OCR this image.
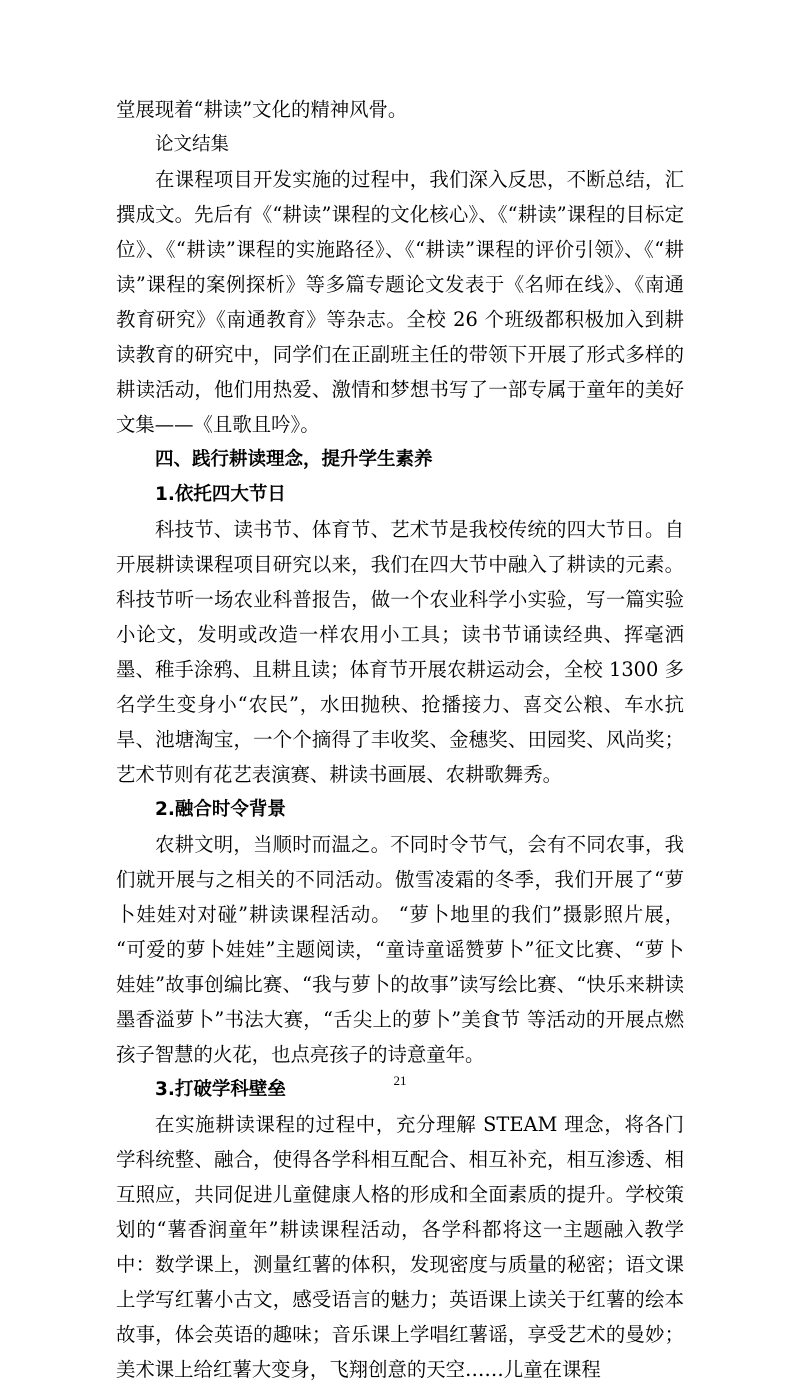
堂展现着“耕读”文化的精神风骨。

论文结集

在课程项目开发实施的过程中，我们深入反思，不断总结，汇撰成文。先后有《“耕读”课程的文化核心》、《“耕读”课程的目标定位》、《“耕读”课程的实施路径》、《“耕读”课程的评价引领》、《“耕读”课程的案例探析》等多篇专题论文发表于《名师在线》、《南通教育研究》《南通教育》等杂志。全校 26 个班级都积极加入到耕读教育的研究中，同学们在正副班主任的带领下开展了形式多样的耕读活动，他们用热爱、激情和梦想书写了一部专属于童年的美好文集——《且歌且吟》。

四、践行耕读理念，提升学生素养

1.依托四大节日

科技节、读书节、体育节、艺术节是我校传统的四大节日。自开展耕读课程项目研究以来，我们在四大节中融入了耕读的元素。科技节听一场农业科普报告，做一个农业科学小实验，写一篇实验小论文，发明或改造一样农用小工具；读书节诵读经典、挥毫洒墨、稚手涂鸦、且耕且读；体育节开展农耕运动会，全校 1300 多名学生变身小“农民”，水田抛秧、抢播接力、喜交公粮、车水抗旱、池塘淘宝，一个个摘得了丰收奖、金穗奖、田园奖、风尚奖；艺术节则有花艺表演赛、耕读书画展、农耕歌舞秀。

2.融合时令背景

农耕文明，当顺时而温之。不同时令节气，会有不同农事，我们就开展与之相关的不同活动。傲雪凌霜的冬季，我们开展了“萝卜娃娃对对碰”耕读课程活动。 “萝卜地里的我们”摄影照片展， “可爱的萝卜娃娃”主题阅读，“童诗童谣赞萝卜”征文比赛、“萝卜娃娃”故事创编比赛、“我与萝卜的故事”读写绘比赛、“快乐来耕读 墨香溢萝卜”书法大赛，“舌尖上的萝卜”美食节 等活动的开展点燃孩子智慧的火花，也点亮孩子的诗意童年。

3.打破学科壁垒

在实施耕读课程的过程中，充分理解 STEAM 理念，将各门学科统整、融合，使得各学科相互配合、相互补充，相互渗透、相互照应，共同促进儿童健康人格的形成和全面素质的提升。学校策划的“薯香润童年”耕读课程活动，各学科都将这一主题融入教学中：数学课上，测量红薯的体积，发现密度与质量的秘密；语文课上学写红薯小古文，感受语言的魅力；英语课上读关于红薯的绘本故事，体会英语的趣味；音乐课上学唱红薯谣，享受艺术的曼妙；美术课上给红薯大变身，飞翔创意的天空……儿童在课程

21
